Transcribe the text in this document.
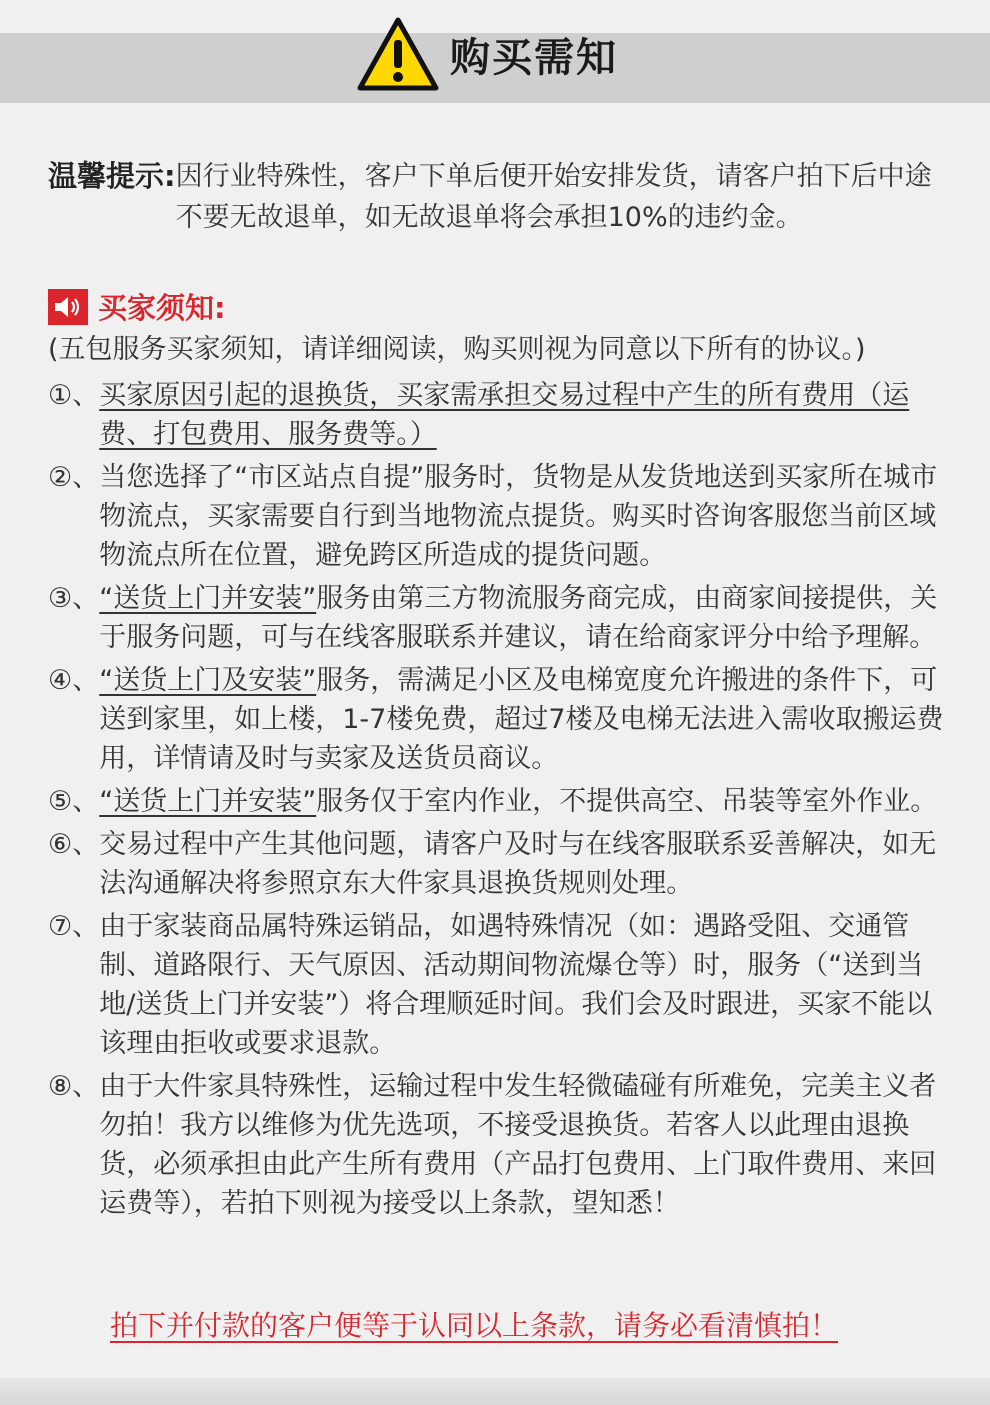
购买需知
温馨提示: 因行业特殊性，客户下单后便开始安排发货，请客户拍下后中途不要无故退单，如无故退单将会承担10%的违约金。
买家须知:
(五包服务买家须知，请详细阅读，购买则视为同意以下所有的协议。)
①、 买家原因引起的退换货，买家需承担交易过程中产生的所有费用（运费、打包费用、服务费等。）
②、 当您选择了“市区站点自提”服务时，货物是从发货地送到买家所在城市物流点，买家需要自行到当地物流点提货。购买时咨询客服您当前区域物流点所在位置，避免跨区所造成的提货问题。
③、 “送货上门并安装”服务由第三方物流服务商完成，由商家间接提供，关于服务问题，可与在线客服联系并建议，请在给商家评分中给予理解。
④、 “送货上门及安装”服务，需满足小区及电梯宽度允许搬进的条件下，可送到家里，如上楼，1-7楼免费，超过7楼及电梯无法进入需收取搬运费用，详情请及时与卖家及送货员商议。
⑤、 “送货上门并安装”服务仅于室内作业，不提供高空、吊装等室外作业。
⑥、 交易过程中产生其他问题，请客户及时与在线客服联系妥善解决，如无法沟通解决将参照京东大件家具退换货规则处理。
⑦、 由于家装商品属特殊运销品，如遇特殊情况（如：遇路受阻、交通管制、道路限行、天气原因、活动期间物流爆仓等）时，服务（“送到当地/送货上门并安装”）将合理顺延时间。我们会及时跟进，买家不能以该理由拒收或要求退款。
⑧、 由于大件家具特殊性，运输过程中发生轻微磕碰有所难免，完美主义者勿拍！我方以维修为优先选项，不接受退换货。若客人以此理由退换货，必须承担由此产生所有费用（产品打包费用、上门取件费用、来回运费等），若拍下则视为接受以上条款，望知悉！
拍下并付款的客户便等于认同以上条款，请务必看清慎拍！
